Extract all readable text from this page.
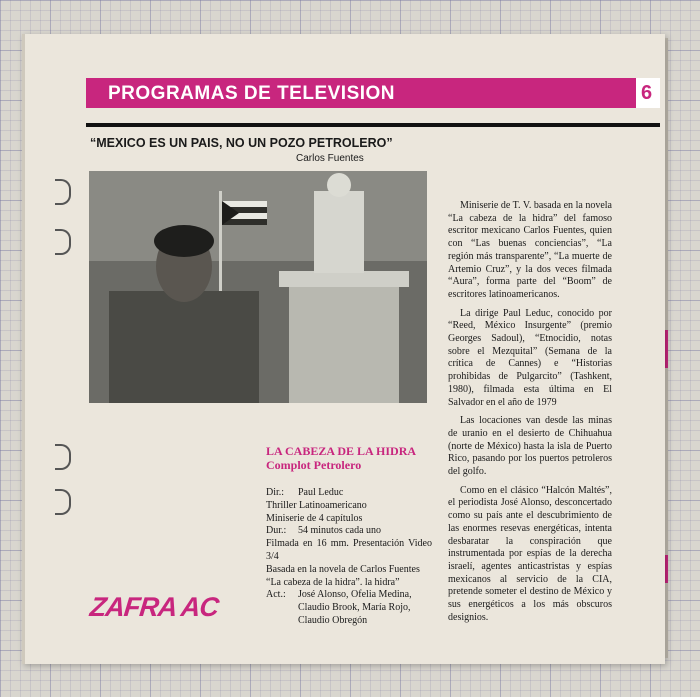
PROGRAMAS DE TELEVISION	6
“MEXICO ES UN PAIS, NO UN POZO PETROLERO”
Carlos Fuentes

Miniserie de T. V. basada en la novela “La cabeza de la hidra” del famoso escritor mexicano Carlos Fuentes, quien con “Las buenas conciencias”, “La región más transparente”, “La muerte de Artemio Cruz”, y la dos veces filmada “Aura”, forma parte del “Boom” de escritores latinoamericanos.

La dirige Paul Leduc, conocido por “Reed, México Insurgente” (premio Georges Sadoul), “Etnocidio, notas sobre el Mezquital” (Semana de la crítica de Cannes) e “Historias prohibidas de Pulgarcito” (Tashkent, 1980), filmada esta última en El Salvador en el año de 1979

Las locaciones van desde las minas de uranio en el desierto de Chihuahua (norte de México) hasta la isla de Puerto Rico, pasando por los puertos petroleros del golfo.

Como en el clásico “Halcón Maltés”, el periodista José Alonso, desconcertado como su país ante el descubrimiento de las enormes resevas energéticas, intenta desbaratar la conspiración que instrumentada por espías de la derecha israelí, agentes anticastristas y espías mexicanos al servicio de la CIA, pretende someter el destino de México y sus energéticos a los más obscuros designios.

LA CABEZA DE LA HIDRA
Complot Petrolero
Dir.:	Paul Leduc
Thriller Latinoamericano
Miniserie de 4 capítulos
Dur.:	54 minutos cada uno
Filmada en 16 mm. Presentación Video 3/4
Basada en la novela de Carlos Fuentes
“La cabeza de la hidra”. la hidra”
Act.:	José Alonso, Ofelia Medina, Claudio Brook, María Rojo, Claudio Obregón
ZAFRA AC
